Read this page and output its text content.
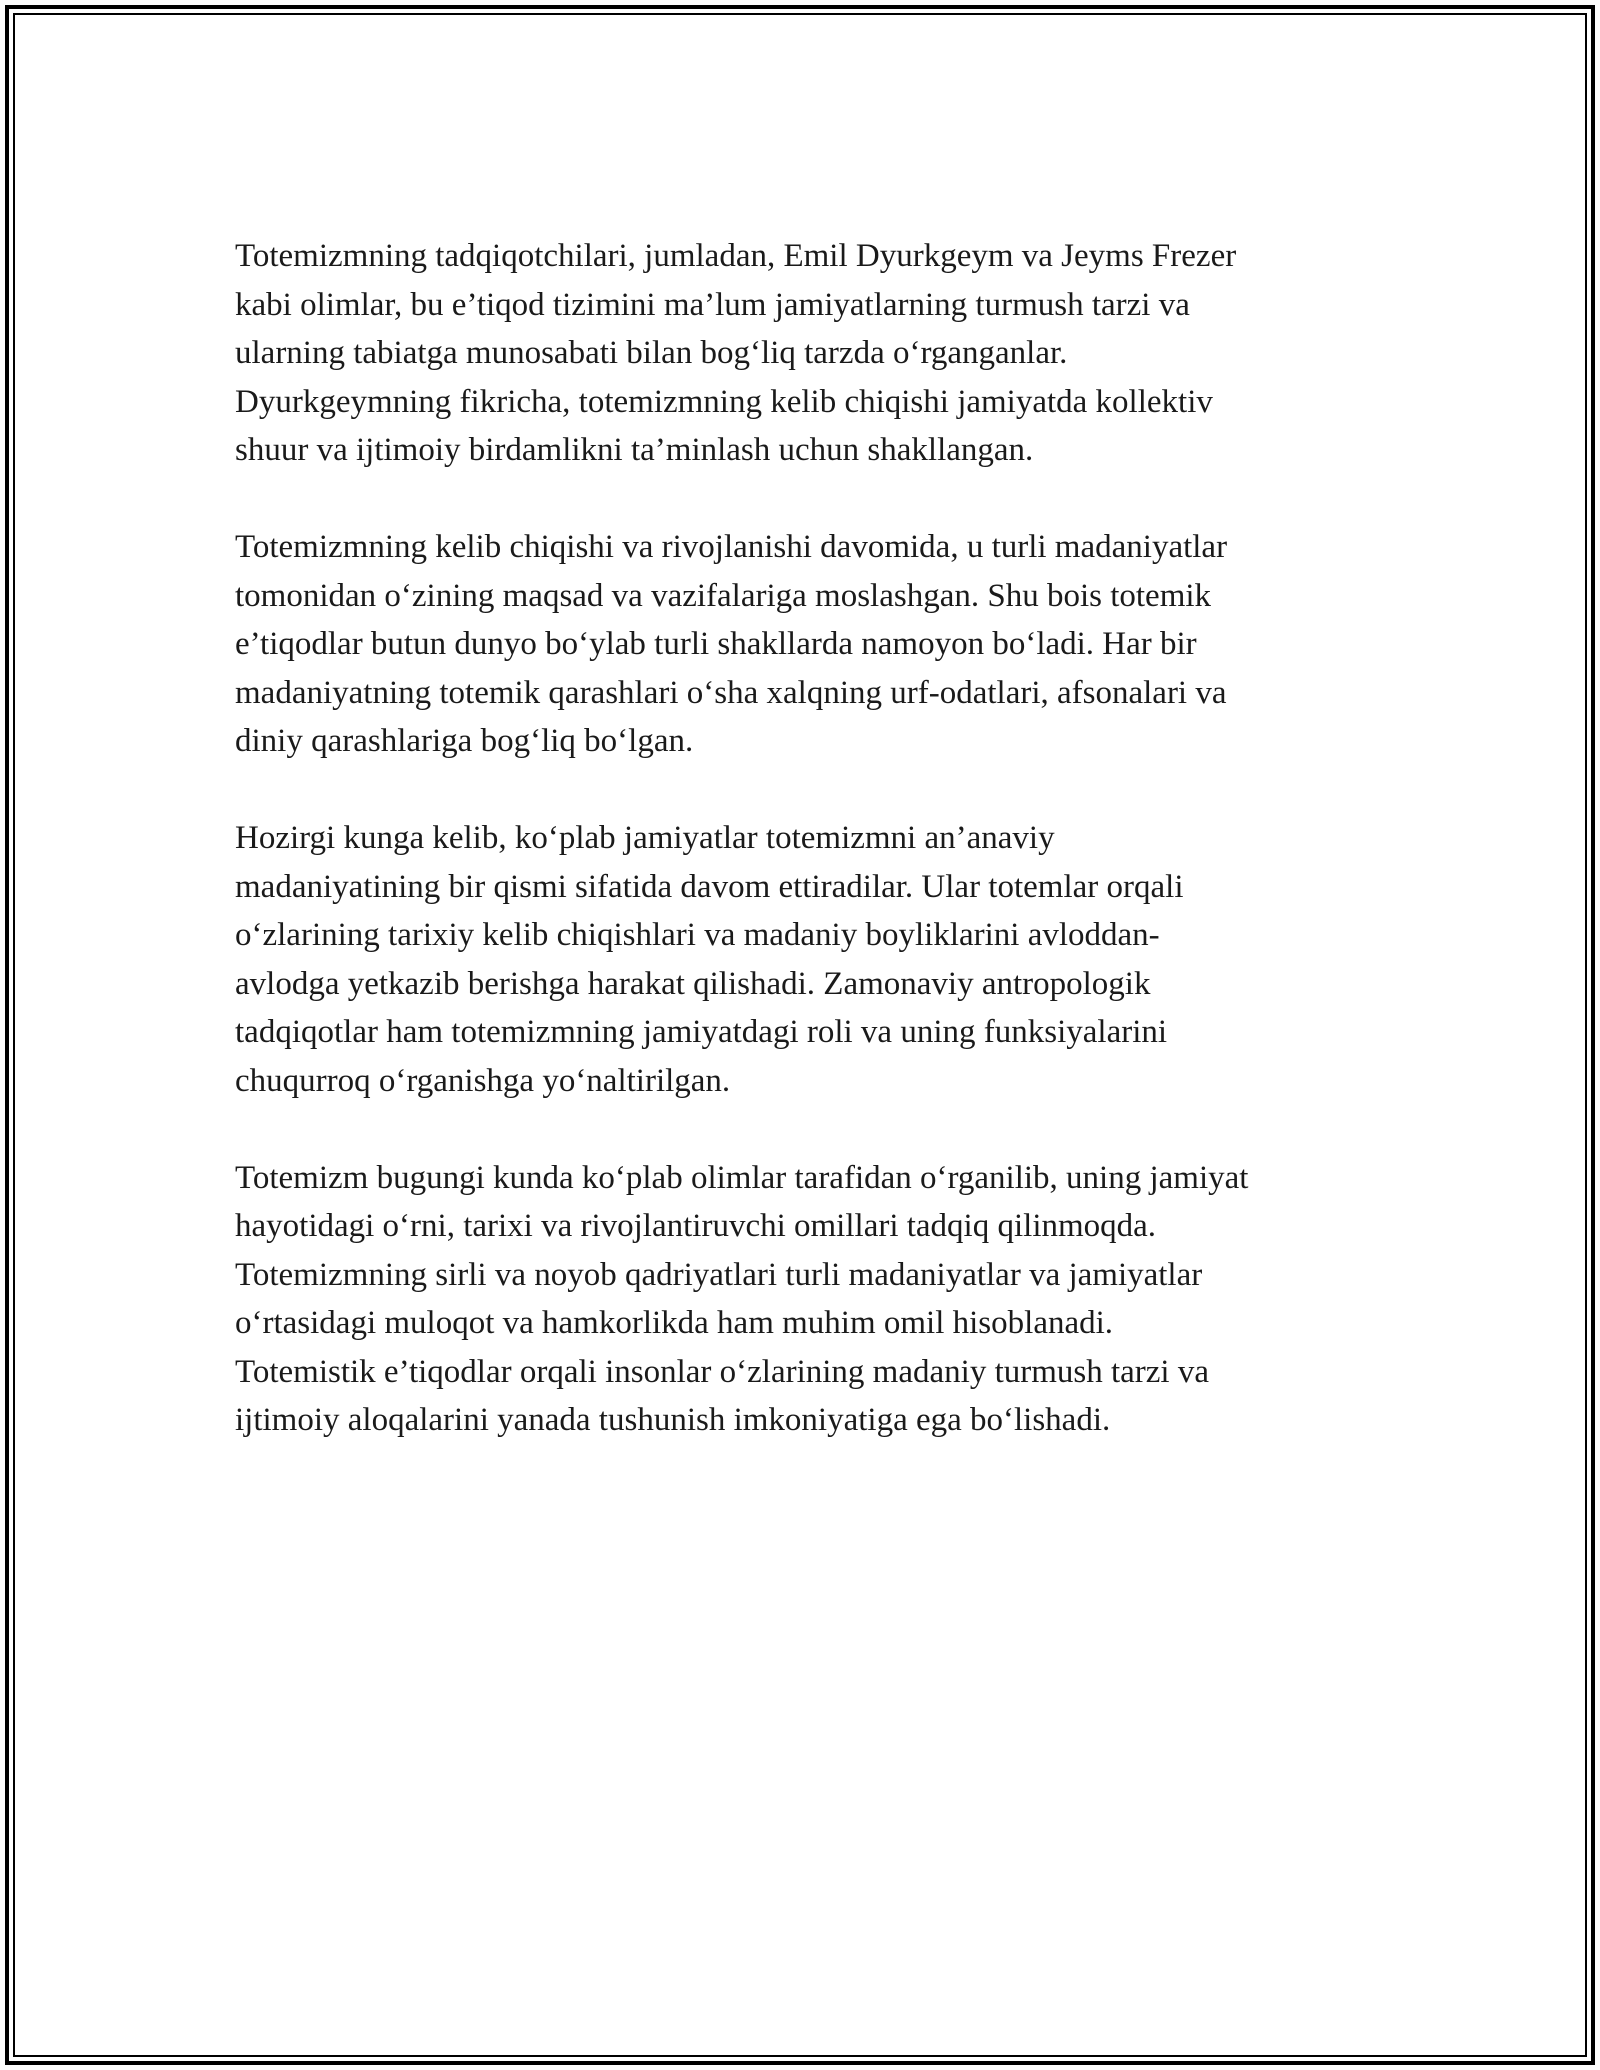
Totemizmning tadqiqotchilari, jumladan, Emil Dyurkgeym va Jeyms Frezer
kabi olimlar, bu e’tiqod tizimini ma’lum jamiyatlarning turmush tarzi va
ularning tabiatga munosabati bilan bog‘liq tarzda o‘rganganlar.
Dyurkgeymning fikricha, totemizmning kelib chiqishi jamiyatda kollektiv
shuur va ijtimoiy birdamlikni ta’minlash uchun shakllangan.

Totemizmning kelib chiqishi va rivojlanishi davomida, u turli madaniyatlar
tomonidan o‘zining maqsad va vazifalariga moslashgan. Shu bois totemik
e’tiqodlar butun dunyo bo‘ylab turli shakllarda namoyon bo‘ladi. Har bir
madaniyatning totemik qarashlari o‘sha xalqning urf-odatlari, afsonalari va
diniy qarashlariga bog‘liq bo‘lgan.

Hozirgi kunga kelib, ko‘plab jamiyatlar totemizmni an’anaviy
madaniyatining bir qismi sifatida davom ettiradilar. Ular totemlar orqali
o‘zlarining tarixiy kelib chiqishlari va madaniy boyliklarini avloddan-
avlodga yetkazib berishga harakat qilishadi. Zamonaviy antropologik
tadqiqotlar ham totemizmning jamiyatdagi roli va uning funksiyalarini
chuqurroq o‘rganishga yo‘naltirilgan.

Totemizm bugungi kunda ko‘plab olimlar tarafidan o‘rganilib, uning jamiyat
hayotidagi o‘rni, tarixi va rivojlantiruvchi omillari tadqiq qilinmoqda.
Totemizmning sirli va noyob qadriyatlari turli madaniyatlar va jamiyatlar
o‘rtasidagi muloqot va hamkorlikda ham muhim omil hisoblanadi.
Totemistik e’tiqodlar orqali insonlar o‘zlarining madaniy turmush tarzi va
ijtimoiy aloqalarini yanada tushunish imkoniyatiga ega bo‘lishadi.
